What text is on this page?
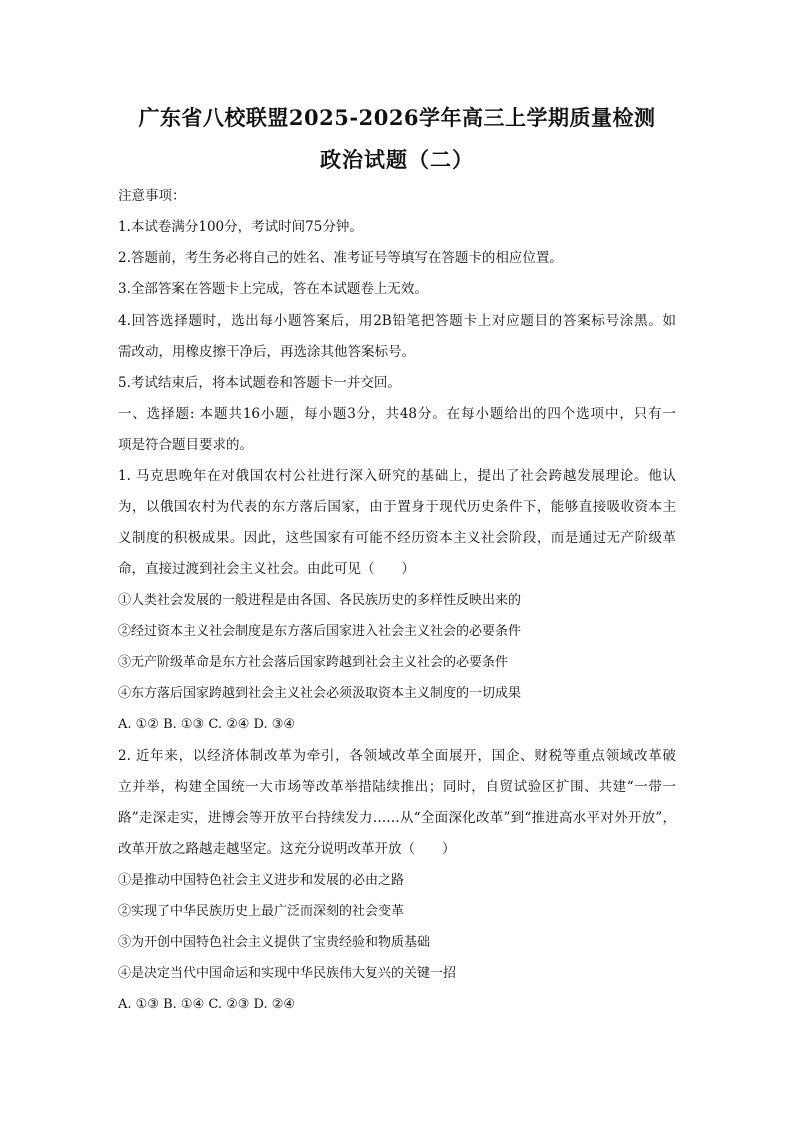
广东省八校联盟2025-2026学年高三上学期质量检测
政治试题（二）
注意事项：
1.本试卷满分100分，考试时间75分钟。
2.答题前，考生务必将自己的姓名、准考证号等填写在答题卡的相应位置。
3.全部答案在答题卡上完成，答在本试题卷上无效。
4.回答选择题时，选出每小题答案后，用2B铅笔把答题卡上对应题目的答案标号涂黑。如
需改动，用橡皮擦干净后，再选涂其他答案标号。
5.考试结束后，将本试题卷和答题卡一并交回。
一、选择题: 本题共16小题，每小题3分，共48分。在每小题给出的四个选项中，只有一
项是符合题目要求的。
1. 马克思晚年在对俄国农村公社进行深入研究的基础上，提出了社会跨越发展理论。他认
为，以俄国农村为代表的东方落后国家，由于置身于现代历史条件下，能够直接吸收资本主
义制度的积极成果。因此，这些国家有可能不经历资本主义社会阶段，而是通过无产阶级革
命，直接过渡到社会主义社会。由此可见（　　）
①人类社会发展的一般进程是由各国、各民族历史的多样性反映出来的
②经过资本主义社会制度是东方落后国家进入社会主义社会的必要条件
③无产阶级革命是东方社会落后国家跨越到社会主义社会的必要条件
④东方落后国家跨越到社会主义社会必须汲取资本主义制度的一切成果
A. ①② B. ①③ C. ②④ D. ③④
2. 近年来，以经济体制改革为牵引，各领域改革全面展开，国企、财税等重点领域改革破
立并举，构建全国统一大市场等改革举措陆续推出；同时，自贸试验区扩围、共建“一带一
路”走深走实，进博会等开放平台持续发力……从“全面深化改革”到“推进高水平对外开放”，
改革开放之路越走越坚定。这充分说明改革开放（　　）
①是推动中国特色社会主义进步和发展的必由之路
②实现了中华民族历史上最广泛而深刻的社会变革
③为开创中国特色社会主义提供了宝贵经验和物质基础
④是决定当代中国命运和实现中华民族伟大复兴的关键一招
A. ①③ B. ①④ C. ②③ D. ②④
